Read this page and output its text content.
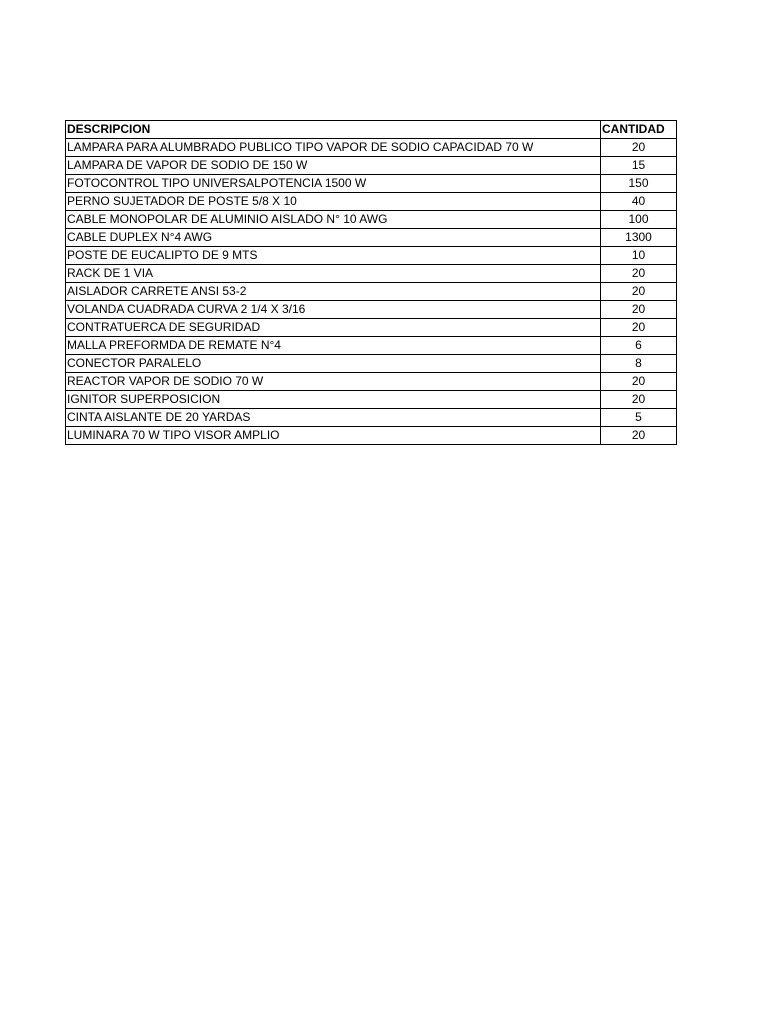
DESCRIPCION	CANTIDAD
LAMPARA PARA ALUMBRADO PUBLICO TIPO VAPOR DE SODIO CAPACIDAD 70 W	20
LAMPARA DE VAPOR DE SODIO DE 150 W	15
FOTOCONTROL TIPO UNIVERSALPOTENCIA 1500 W	150
PERNO SUJETADOR DE POSTE 5/8 X 10	40
CABLE MONOPOLAR DE ALUMINIO AISLADO N° 10 AWG	100
CABLE DUPLEX N°4 AWG	1300
POSTE DE EUCALIPTO DE 9 MTS	10
RACK DE 1 VIA	20
AISLADOR CARRETE ANSI 53-2	20
VOLANDA CUADRADA CURVA 2 1/4 X 3/16	20
CONTRATUERCA DE SEGURIDAD	20
MALLA PREFORMDA DE REMATE N°4	6
CONECTOR PARALELO	8
REACTOR VAPOR DE SODIO 70 W	20
IGNITOR SUPERPOSICION	20
CINTA AISLANTE DE 20 YARDAS	5
LUMINARA 70 W TIPO VISOR AMPLIO	20
